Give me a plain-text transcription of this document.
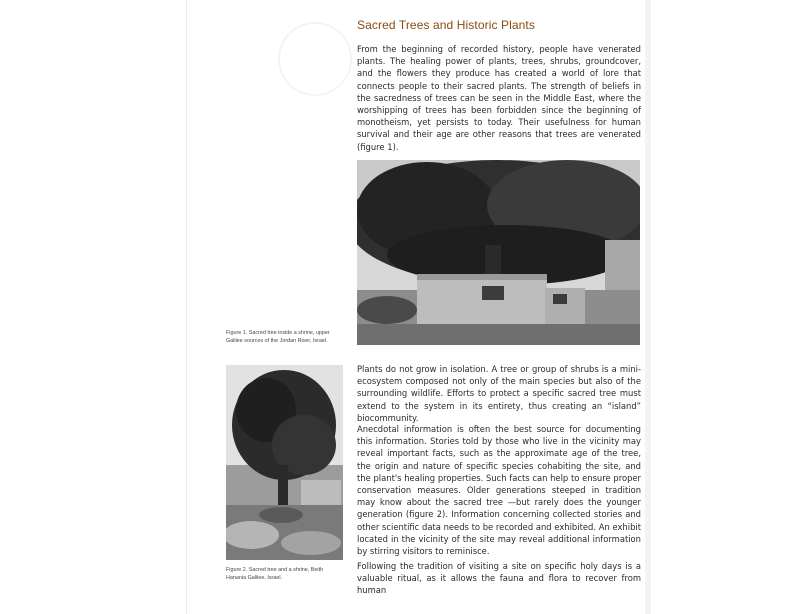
Sacred Trees and Historic Plants

From the beginning of recorded history, people have venerated plants. The healing power of plants, trees, shrubs, groundcover, and the flowers they produce has created a world of lore that connects people to their sacred plants. The strength of beliefs in the sacredness of trees can be seen in the Middle East, where the worshipping of trees has been forbidden since the beginning of monotheism, yet persists to today. Their usefulness for human survival and their age are other reasons that trees are venerated (figure 1).

Figure 1. Sacred tree inside a shrine, upper Galilee sources of the Jordan River, Israel.

Plants do not grow in isolation. A tree or group of shrubs is a mini-ecosystem composed not only of the main species but also of the surrounding wildlife. Efforts to protect a specific sacred tree must extend to the system in its entirety, thus creating an “island” biocommunity.

Anecdotal information is often the best source for documenting this information. Stories told by those who live in the vicinity may reveal important facts, such as the approximate age of the tree, the origin and nature of specific species cohabiting the site, and the plant's healing properties. Such facts can help to ensure proper conservation measures. Older generations steeped in tradition may know about the sacred tree —but rarely does the younger generation (figure 2). Information concerning collected stories and other scientific data needs to be recorded and exhibited. An exhibit located in the vicinity of the site may reveal additional information by stirring visitors to reminisce.

Figure 2. Sacred tree and a shrine, Beith Hanania Galilee, Israel.

Following the tradition of visiting a site on specific holy days is a valuable ritual, as it allows the fauna and flora to recover from human
